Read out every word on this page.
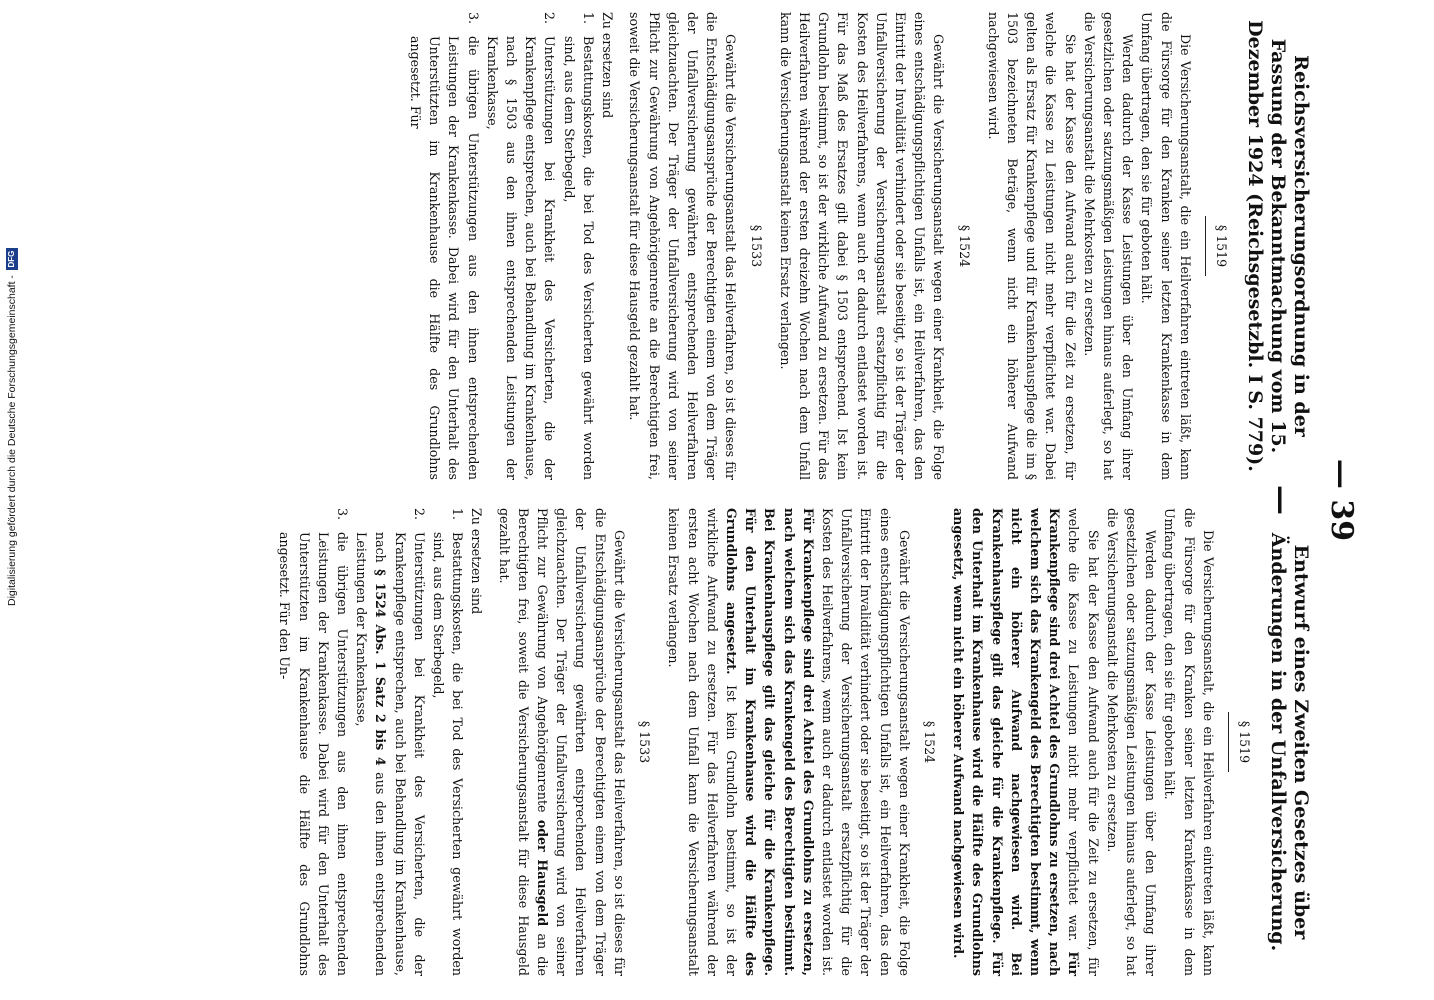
— 39 —
Reichsversicherungsordnung in der Fassung der Bekanntmachung vom 15. Dezember 1924 (Reichsgesetzbl. I S. 779).
§ 1519

Die Versicherungsanstalt, die ein Heilverfahren eintreten läßt, kann die Fürsorge für den Kranken seiner letzten Krankenkasse in dem Umfang übertragen, den sie für geboten hält.

Werden dadurch der Kasse Leistungen über den Umfang ihrer gesetzlichen oder satzungsmäßigen Leistungen hinaus auferlegt, so hat die Versicherungsanstalt die Mehrkosten zu ersetzen.

Sie hat der Kasse den Aufwand auch für die Zeit zu ersetzen, für welche die Kasse zu Leistungen nicht mehr verpflichtet war. Dabei gelten als Ersatz für Krankenpflege und für Krankenhauspflege die im § 1503 bezeichneten Beträge, wenn nicht ein höherer Aufwand nachgewiesen wird.

§ 1524

Gewährt die Versicherungsanstalt wegen einer Krankheit, die Folge eines entschädigungspflichtigen Unfalls ist, ein Heilverfahren, das den Eintritt der Invalidität verhindert oder sie beseitigt, so ist der Träger der Unfallversicherung der Versicherungsanstalt ersatzpflichtig für die Kosten des Heilverfahrens, wenn auch er dadurch entlastet worden ist. Für das Maß des Ersatzes gilt dabei § 1503 entsprechend. Ist kein Grundlohn bestimmt, so ist der wirkliche Aufwand zu ersetzen. Für das Heilverfahren während der ersten dreizehn Wochen nach dem Unfall kann die Versicherungsanstalt keinen Ersatz verlangen.

§ 1533

Gewährt die Versicherungsanstalt das Heilverfahren, so ist dieses für die Entschädigungsansprüche der Berechtigten einem von dem Träger der Unfallversicherung gewährten entsprechenden Heilverfahren gleichzuachten. Der Träger der Unfallversicherung wird von seiner Pflicht zur Gewährung von Angehörigenrente an die Berechtigten frei, soweit die Versicherungsanstalt für diese Hausgeld gezahlt hat.

Zu ersetzen sind
1.
Bestattungskosten, die bei Tod des Versicherten gewährt worden sind, aus dem Sterbegeld,
2.
Unterstützungen bei Krankheit des Versicherten, die der Krankenpflege entsprechen, auch bei Behandlung im Krankenhause, nach § 1503 aus den ihnen entsprechenden Leistungen der Krankenkasse,
3.
die übrigen Unterstützungen aus den ihnen entsprechenden Leistungen der Krankenkasse. Dabei wird für den Unterhalt des Unterstützten im Krankenhause die Hälfte des Grundlohns angesetzt. Für
Entwurf eines Zweiten Gesetzes über Änderungen in der Unfallversicherung.
§ 1519

Die Versicherungsanstalt, die ein Heilverfahren eintreten läßt, kann die Fürsorge für den Kranken seiner letzten Krankenkasse in dem Umfang übertragen, den sie für geboten hält.

Werden dadurch der Kasse Leistungen über den Umfang ihrer gesetzlichen oder satzungsmäßigen Leistungen hinaus auferlegt, so hat die Versicherungsanstalt die Mehrkosten zu ersetzen.

Sie hat der Kasse den Aufwand auch für die Zeit zu ersetzen, für welche die Kasse zu Leistungen nicht mehr verpflichtet war. Für Krankenpflege sind drei Achtel des Grundlohns zu ersetzen, nach welchem sich das Krankengeld des Berechtigten bestimmt, wenn nicht ein höherer Aufwand nachgewiesen wird. Bei Krankenhauspflege gilt das gleiche für die Krankenpflege. Für den Unterhalt im Krankenhause wird die Hälfte des Grundlohns angesetzt, wenn nicht ein höherer Aufwand nachgewiesen wird.

§ 1524

Gewährt die Versicherungsanstalt wegen einer Krankheit, die Folge eines entschädigungspflichtigen Unfalls ist, ein Heilverfahren, das den Eintritt der Invalidität verhindert oder sie beseitigt, so ist der Träger der Unfallversicherung der Versicherungsanstalt ersatzpflichtig für die Kosten des Heilverfahrens, wenn auch er dadurch entlastet worden ist. Für Krankenpflege sind drei Achtel des Grundlohns zu ersetzen, nach welchem sich das Krankengeld des Berechtigten bestimmt. Bei Krankenhauspflege gilt das gleiche für die Krankenpflege. Für den Unterhalt im Krankenhause wird die Hälfte des Grundlohns angesetzt. Ist kein Grundlohn bestimmt, so ist der wirkliche Aufwand zu ersetzen. Für das Heilverfahren während der ersten acht Wochen nach dem Unfall kann die Versicherungsanstalt keinen Ersatz verlangen.

§ 1533

Gewährt die Versicherungsanstalt das Heilverfahren, so ist dieses für die Entschädigungsansprüche der Berechtigten einem von dem Träger der Unfallversicherung gewährten entsprechenden Heilverfahren gleichzuachten. Der Träger der Unfallversicherung wird von seiner Pflicht zur Gewährung von Angehörigenrente oder Hausgeld an die Berechtigten frei, soweit die Versicherungsanstalt für diese Hausgeld gezahlt hat.

Zu ersetzen sind
1.
Bestattungskosten, die bei Tod des Versicherten gewährt worden sind, aus dem Sterbegeld,
2.
Unterstützungen bei Krankheit des Versicherten, die der Krankenpflege entsprechen, auch bei Behandlung im Krankenhause, nach § 1524 Abs. 1 Satz 2 bis 4 aus den ihnen entsprechenden Leistungen der Krankenkasse,
3.
die übrigen Unterstützungen aus den ihnen entsprechenden Leistungen der Krankenkasse. Dabei wird für den Unterhalt des Unterstützten im Krankenhause die Hälfte des Grundlohns angesetzt. Für den Un-
Digitalisierung gefördert durch die Deutsche Forschungsgemeinschaft -
DFG
